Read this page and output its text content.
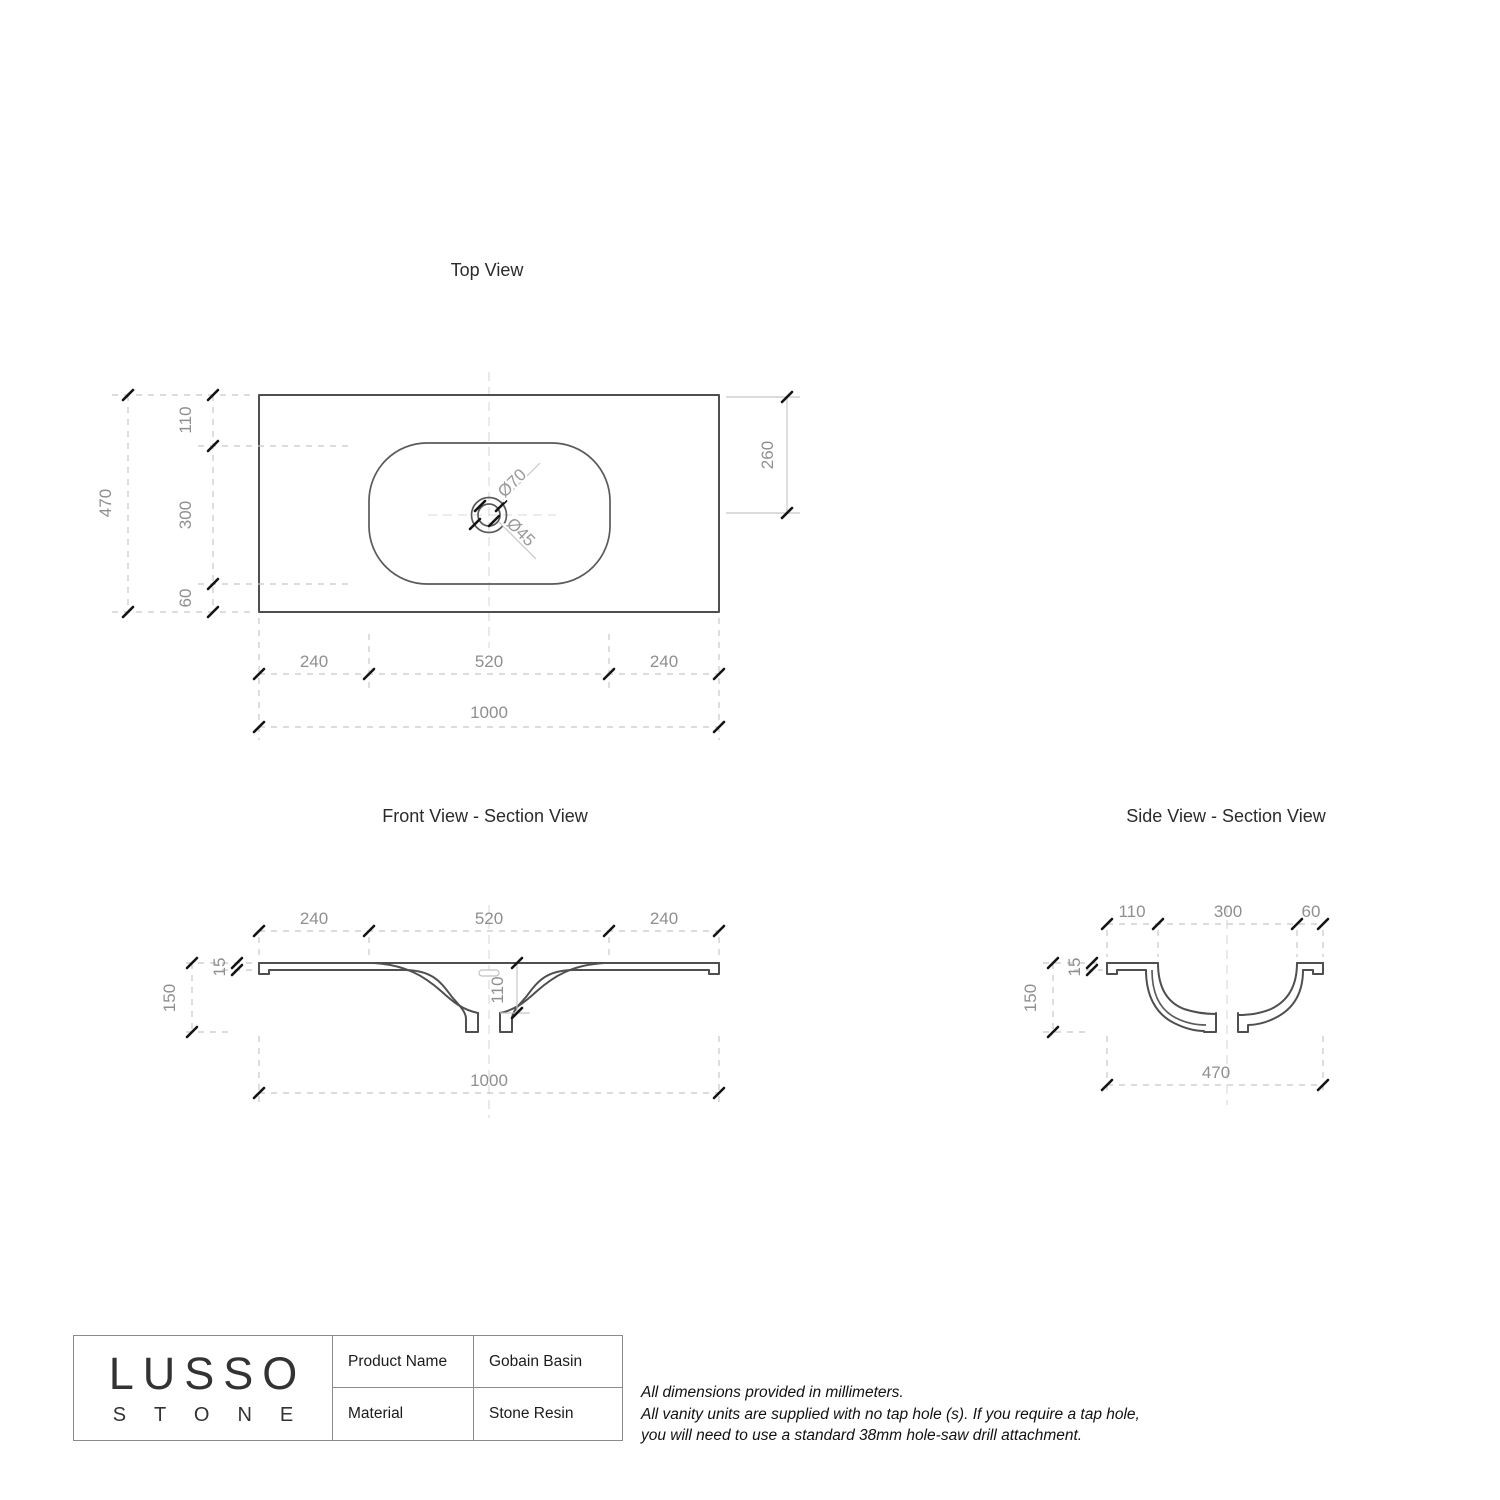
Top View
Ø70
Ø45
470
110
300
60
260
240	520	240
1000
Front View - Section View
240	520	240
110
15
150
1000
Side View - Section View
110	300	60
15
150
470
LUSSO
STONE
Product Name	Gobain Basin
Material	Stone Resin
All dimensions provided in millimeters.
All vanity units are supplied with no tap hole (s). If you require a tap hole,
you will need to use a standard 38mm hole-saw drill attachment.
